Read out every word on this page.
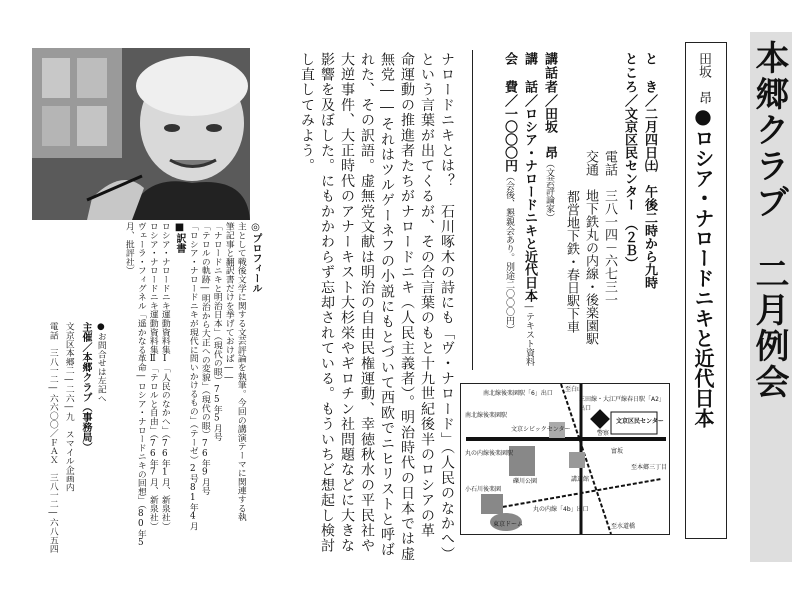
本郷クラブ　二月例会
田坂　昂●ロシア・ナロードニキと近代日本
と　き／二月四日㈯　午後二時から九時
ところ／文京区民センター　（２Ｂ）
電話　三八一四－六七三一
交通　地下鉄丸の内線・後楽園駅
都営地下鉄・春日駅下車
講話者／田坂　昂（文芸評論家）
講　話／ロシア・ナロードニキと近代日本―テキスト資料
会　費／一〇〇〇円（会後、懇親会あり。別途二〇〇〇円）
ナロードニキとは？　石川啄木の詩にも「ヴ・ナロード」（人民のなかへ）
という言葉が出てくるが、その合言葉のもと十九世紀後半のロシアの革
命運動の推進者たちがナロードニキ（人民主義者）。明治時代の日本では虚
無党――それはツルゲーネフの小説にもとづいて西欧でニヒリストと呼ば
れた、その訳語。虚無党文献は明治の自由民権運動、幸徳秋水の平民社や
大逆事件、大正時代のアナーキスト大杉栄やギロチン社問題などに大きな
影響を及ぼした。にもかかわらず忘却されている。もういちど想起し検討
し直してみよう。
◎プロフィール
主として戦後文学に関する文芸評論を執筆。今回の講演テーマに関連する執
筆記事と翻訳書だけを挙げておけば――
「ナロードニキと明治日本」（現代の眼）75年5月号
「テロルの軌跡―明治から大正への変貌」（現代の眼）76年9月号
「ロシア・ナロードニキが現代に問いかけるもの」（テーゼ）2号81年4月
■訳書
ロシア・ナロードニキ運動資料集Ⅰ「人民のなかへ」（76年1月、新泉社）
ロシア・ナロードニキ運動資料集Ⅱ「テロルと自由」（76年7月、新泉社）
ヴェーラ・フィグネル「遥かなる革命―ロシア・ナロードニキの回想」（80年5
月、批評社）
●お問合せは左記へ
主催／本郷クラブ（事務局）
文京区本郷二―二六―九　スマイル企画内
電話　三八一二―六六〇〇／ＦＡＸ　三八一二―六八五四	南北線後楽園駅「6」出口
三田線・大江戸線春日駅「A2」出口
文京区民センター
文京シビックセンター
礫川公園
南北線後楽園駅
丸の内線後楽園駅
小石川後楽園
東京ドーム
丸の内線「4b」出口
富坂
講道館
警察
至水道橋
至本郷三丁目
至白山
